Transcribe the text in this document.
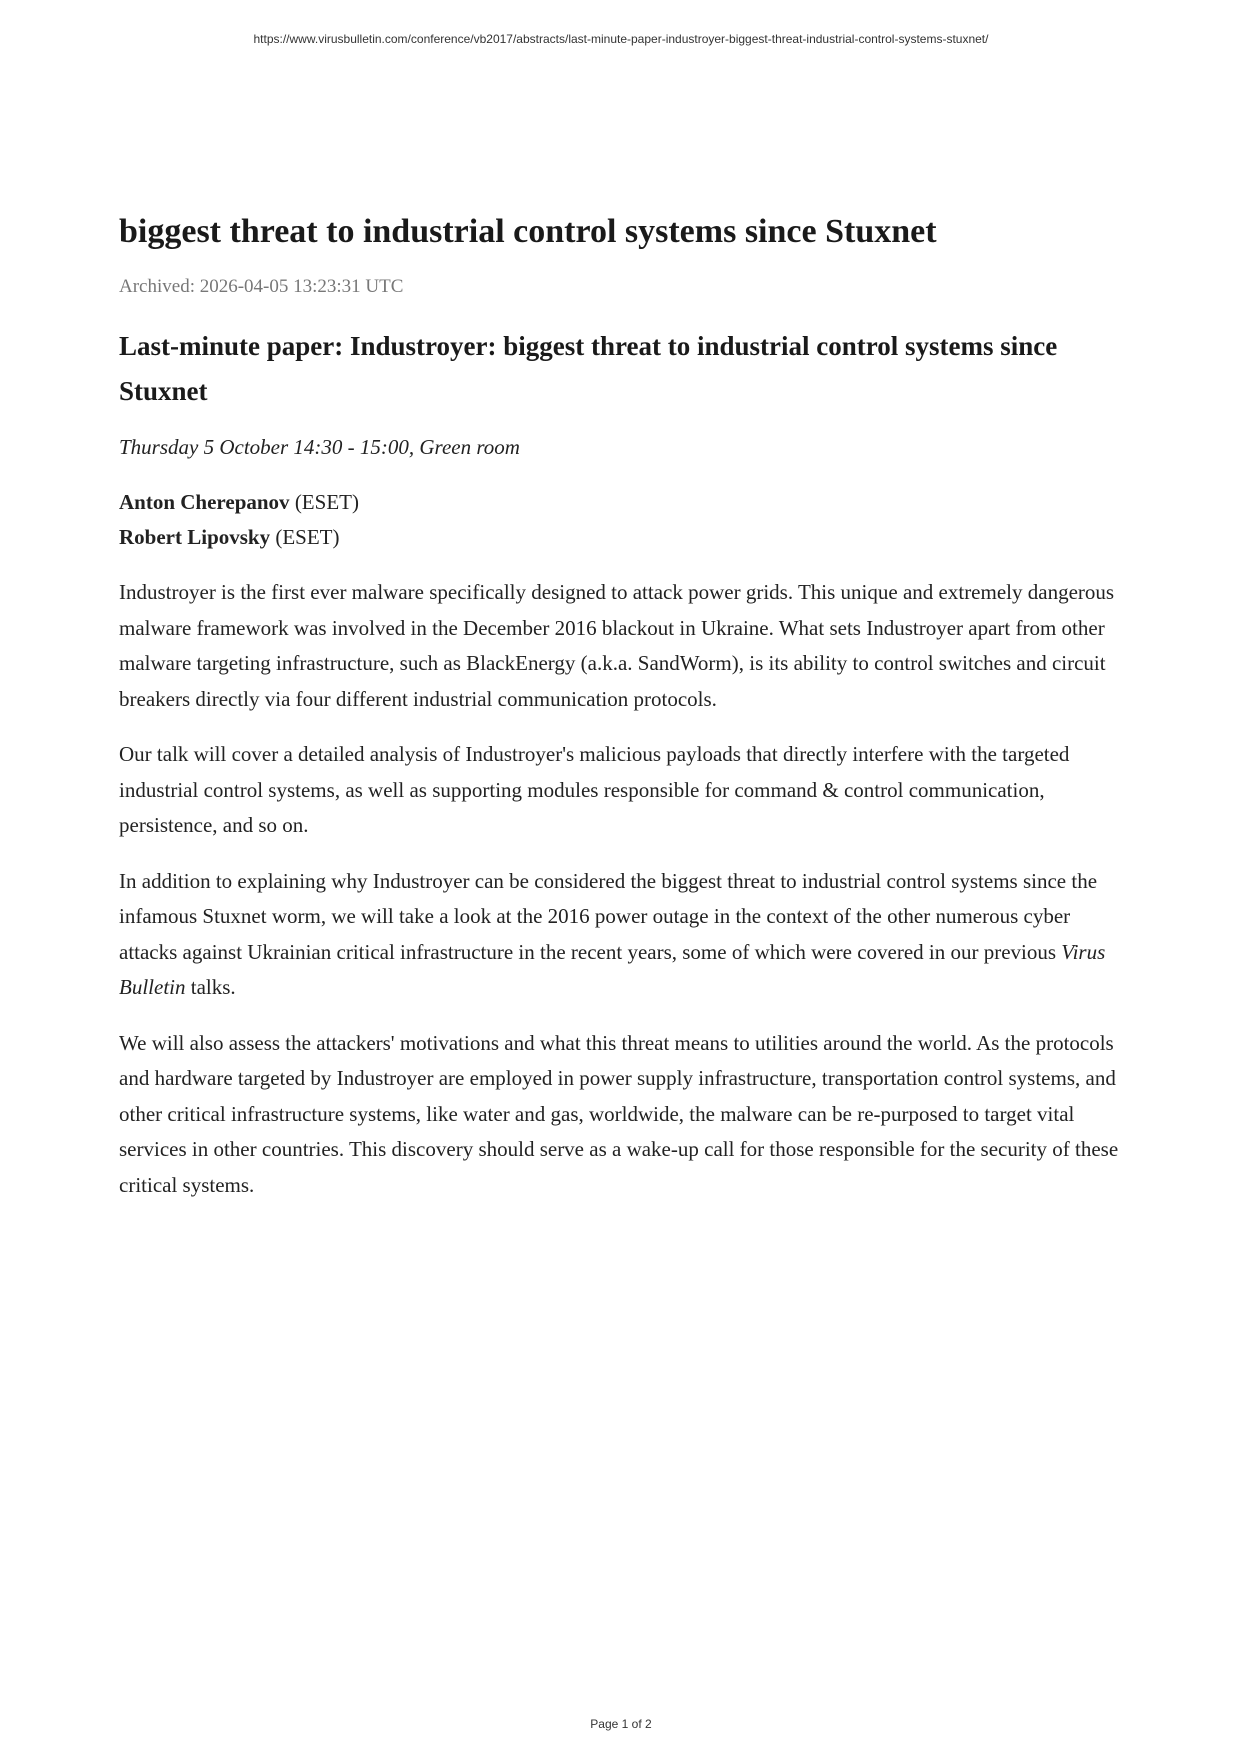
https://www.virusbulletin.com/conference/vb2017/abstracts/last-minute-paper-industroyer-biggest-threat-industrial-control-systems-stuxnet/
biggest threat to industrial control systems since Stuxnet
Archived: 2026-04-05 13:23:31 UTC
Last-minute paper: Industroyer: biggest threat to industrial control systems since Stuxnet
Thursday 5 October 14:30 - 15:00, Green room
Anton Cherepanov (ESET)
Robert Lipovsky (ESET)

Industroyer is the first ever malware specifically designed to attack power grids. This unique and extremely dangerous malware framework was involved in the December 2016 blackout in Ukraine. What sets Industroyer apart from other malware targeting infrastructure, such as BlackEnergy (a.k.a. SandWorm), is its ability to control switches and circuit breakers directly via four different industrial communication protocols.

Our talk will cover a detailed analysis of Industroyer's malicious payloads that directly interfere with the targeted industrial control systems, as well as supporting modules responsible for command & control communication, persistence, and so on.

In addition to explaining why Industroyer can be considered the biggest threat to industrial control systems since the infamous Stuxnet worm, we will take a look at the 2016 power outage in the context of the other numerous cyber attacks against Ukrainian critical infrastructure in the recent years, some of which were covered in our previous Virus Bulletin talks.

We will also assess the attackers' motivations and what this threat means to utilities around the world. As the protocols and hardware targeted by Industroyer are employed in power supply infrastructure, transportation control systems, and other critical infrastructure systems, like water and gas, worldwide, the malware can be re-purposed to target vital services in other countries. This discovery should serve as a wake-up call for those responsible for the security of these critical systems.

Page 1 of 2
